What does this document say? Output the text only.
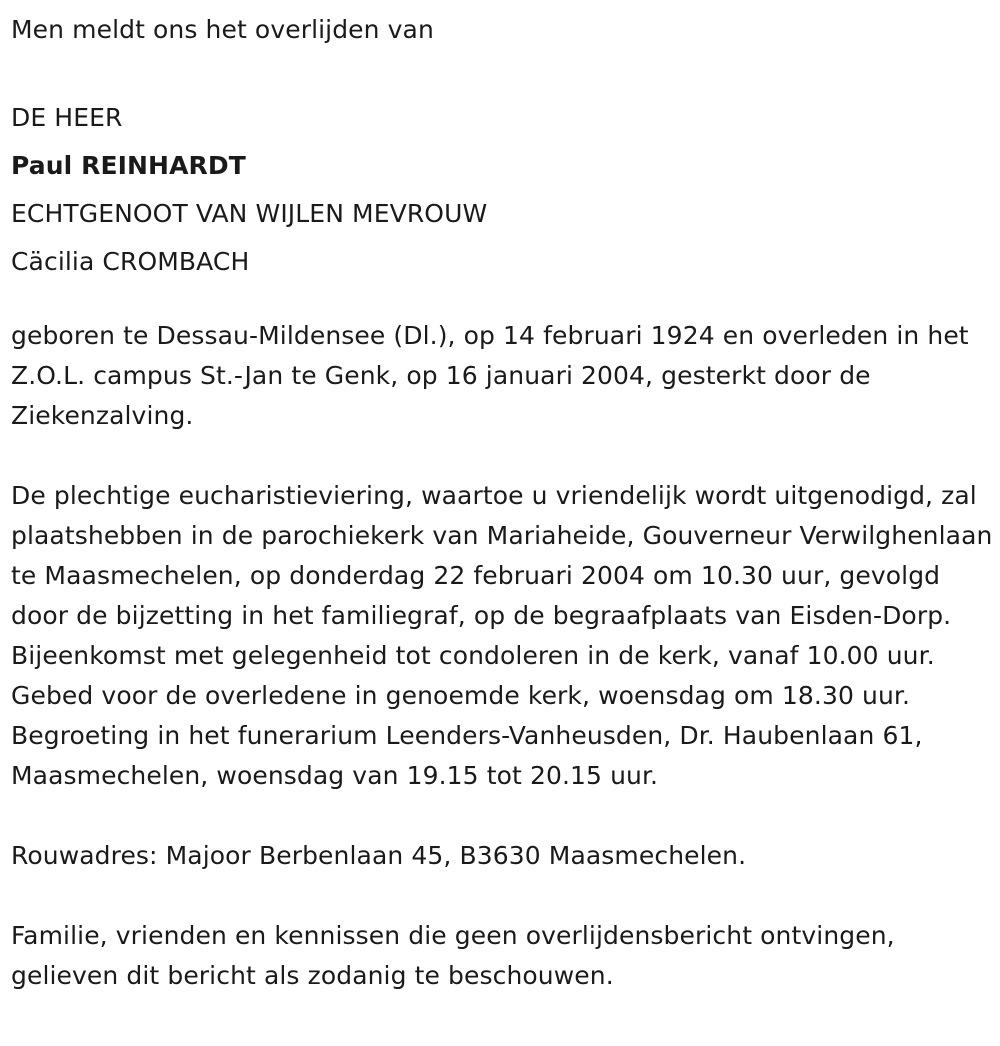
Men meldt ons het overlijden van
DE HEER
Paul REINHARDT
ECHTGENOOT VAN WIJLEN MEVROUW
Cäcilia CROMBACH

geboren te Dessau-Mildensee (Dl.), op 14 februari 1924 en overleden in het Z.O.L. campus St.-Jan te Genk, op 16 januari 2004, gesterkt door de Ziekenzalving.

De plechtige eucharistieviering, waartoe u vriendelijk wordt uitgenodigd, zal plaatshebben in de parochiekerk van Mariaheide, Gouverneur Verwilghenlaan te Maasmechelen, op donderdag 22 februari 2004 om 10.30 uur, gevolgd door de bijzetting in het familiegraf, op de begraafplaats van Eisden-Dorp. Bijeenkomst met gelegenheid tot condoleren in de kerk, vanaf 10.00 uur. Gebed voor de overledene in genoemde kerk, woensdag om 18.30 uur. Begroeting in het funerarium Leenders-Vanheusden, Dr. Haubenlaan 61, Maasmechelen, woensdag van 19.15 tot 20.15 uur.

Rouwadres: Majoor Berbenlaan 45, B3630 Maasmechelen.

Familie, vrienden en kennissen die geen overlijdensbericht ontvingen, gelieven dit bericht als zodanig te beschouwen.
